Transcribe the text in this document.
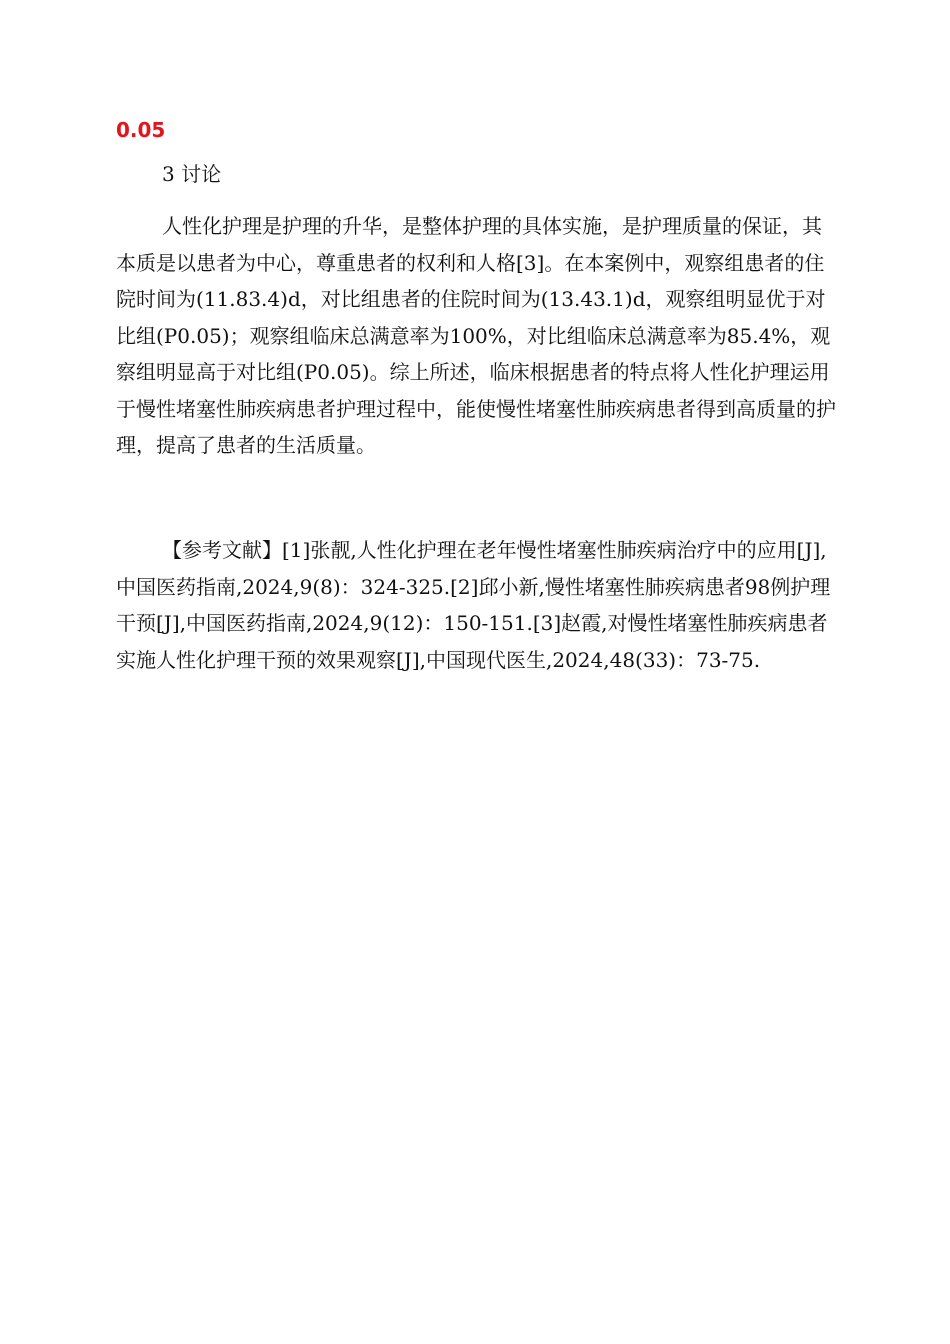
0.05
3 讨论

人性化护理是护理的升华，是整体护理的具体实施，是护理质量的保证，其本质是以患者为中心，尊重患者的权利和人格[3]。在本案例中，观察组患者的住院时间为(11.83.4)d，对比组患者的住院时间为(13.43.1)d，观察组明显优于对比组(P0.05)；观察组临床总满意率为100%，对比组临床总满意率为85.4%，观察组明显高于对比组(P0.05)。综上所述，临床根据患者的特点将人性化护理运用于慢性堵塞性肺疾病患者护理过程中，能使慢性堵塞性肺疾病患者得到高质量的护理，提高了患者的生活质量。

【参考文献】[1]张靓,人性化护理在老年慢性堵塞性肺疾病治疗中的应用[J],中国医药指南,2024,9(8)：324-325.[2]邱小新,慢性堵塞性肺疾病患者98例护理干预[J],中国医药指南,2024,9(12)：150-151.[3]赵霞,对慢性堵塞性肺疾病患者实施人性化护理干预的效果观察[J],中国现代医生,2024,48(33)：73-75.
